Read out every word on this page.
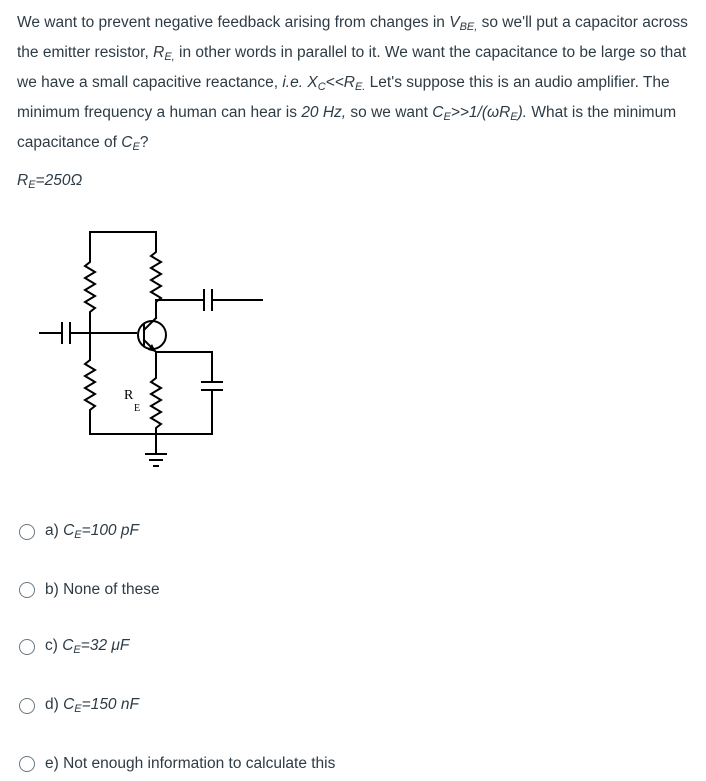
We want to prevent negative feedback arising from changes in $V_{BE,}$ so we'll put a capacitor across the emitter resistor, $R_{E,}$ in other words in parallel to it. We want the capacitance to be large so that we have a small capacitive reactance, i.e. $X_C<<R_{E.}$ Let's suppose this is an audio amplifier. The minimum frequency a human can hear is 20 Hz, so we want $C_E>>1/(\omega R_E)$. What is the minimum capacitance of $C_E$?

$R_E=250\Omega$

R
E
a) $C_E=100$ pF
b) None of these
c) $C_E=32$ μF
d) $C_E=150$ nF
e) Not enough information to calculate this
